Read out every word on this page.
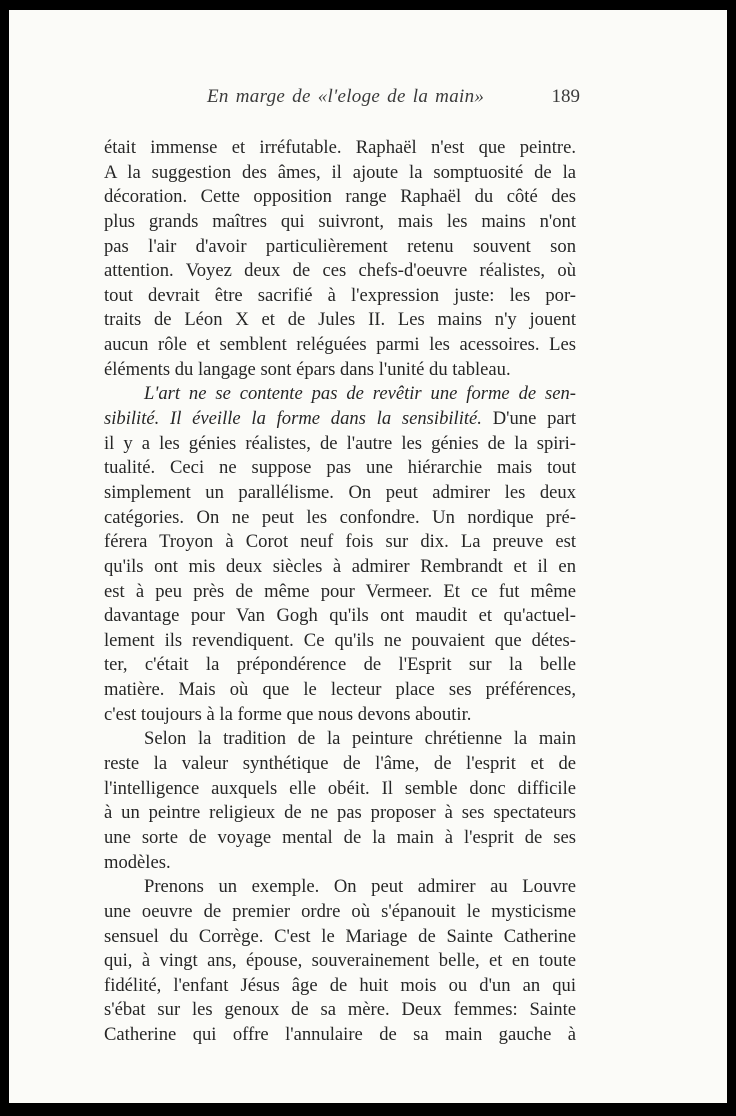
En marge de «l'eloge de la main»	189
était immense et irréfutable. Raphaël n'est que peintre.
A la suggestion des âmes, il ajoute la somptuosité de la
décoration. Cette opposition range Raphaël du côté des
plus grands maîtres qui suivront, mais les mains n'ont
pas l'air d'avoir particulièrement retenu souvent son
attention. Voyez deux de ces chefs-d'oeuvre réalistes, où
tout devrait être sacrifié à l'expression juste: les por-
traits de Léon X et de Jules II. Les mains n'y jouent
aucun rôle et semblent reléguées parmi les acessoires. Les
éléments du langage sont épars dans l'unité du tableau.
L'art ne se contente pas de revêtir une forme de sen-
sibilité. Il éveille la forme dans la sensibilité. D'une part
il y a les génies réalistes, de l'autre les génies de la spiri-
tualité. Ceci ne suppose pas une hiérarchie mais tout
simplement un parallélisme. On peut admirer les deux
catégories. On ne peut les confondre. Un nordique pré-
férera Troyon à Corot neuf fois sur dix. La preuve est
qu'ils ont mis deux siècles à admirer Rembrandt et il en
est à peu près de même pour Vermeer. Et ce fut même
davantage pour Van Gogh qu'ils ont maudit et qu'actuel-
lement ils revendiquent. Ce qu'ils ne pouvaient que détes-
ter, c'était la prépondérence de l'Esprit sur la belle
matière. Mais où que le lecteur place ses préférences,
c'est toujours à la forme que nous devons aboutir.
Selon la tradition de la peinture chrétienne la main
reste la valeur synthétique de l'âme, de l'esprit et de
l'intelligence auxquels elle obéit. Il semble donc difficile
à un peintre religieux de ne pas proposer à ses spectateurs
une sorte de voyage mental de la main à l'esprit de ses
modèles.
Prenons un exemple. On peut admirer au Louvre
une oeuvre de premier ordre où s'épanouit le mysticisme
sensuel du Corrège. C'est le Mariage de Sainte Catherine
qui, à vingt ans, épouse, souverainement belle, et en toute
fidélité, l'enfant Jésus âge de huit mois ou d'un an qui
s'ébat sur les genoux de sa mère. Deux femmes: Sainte
Catherine qui offre l'annulaire de sa main gauche à
